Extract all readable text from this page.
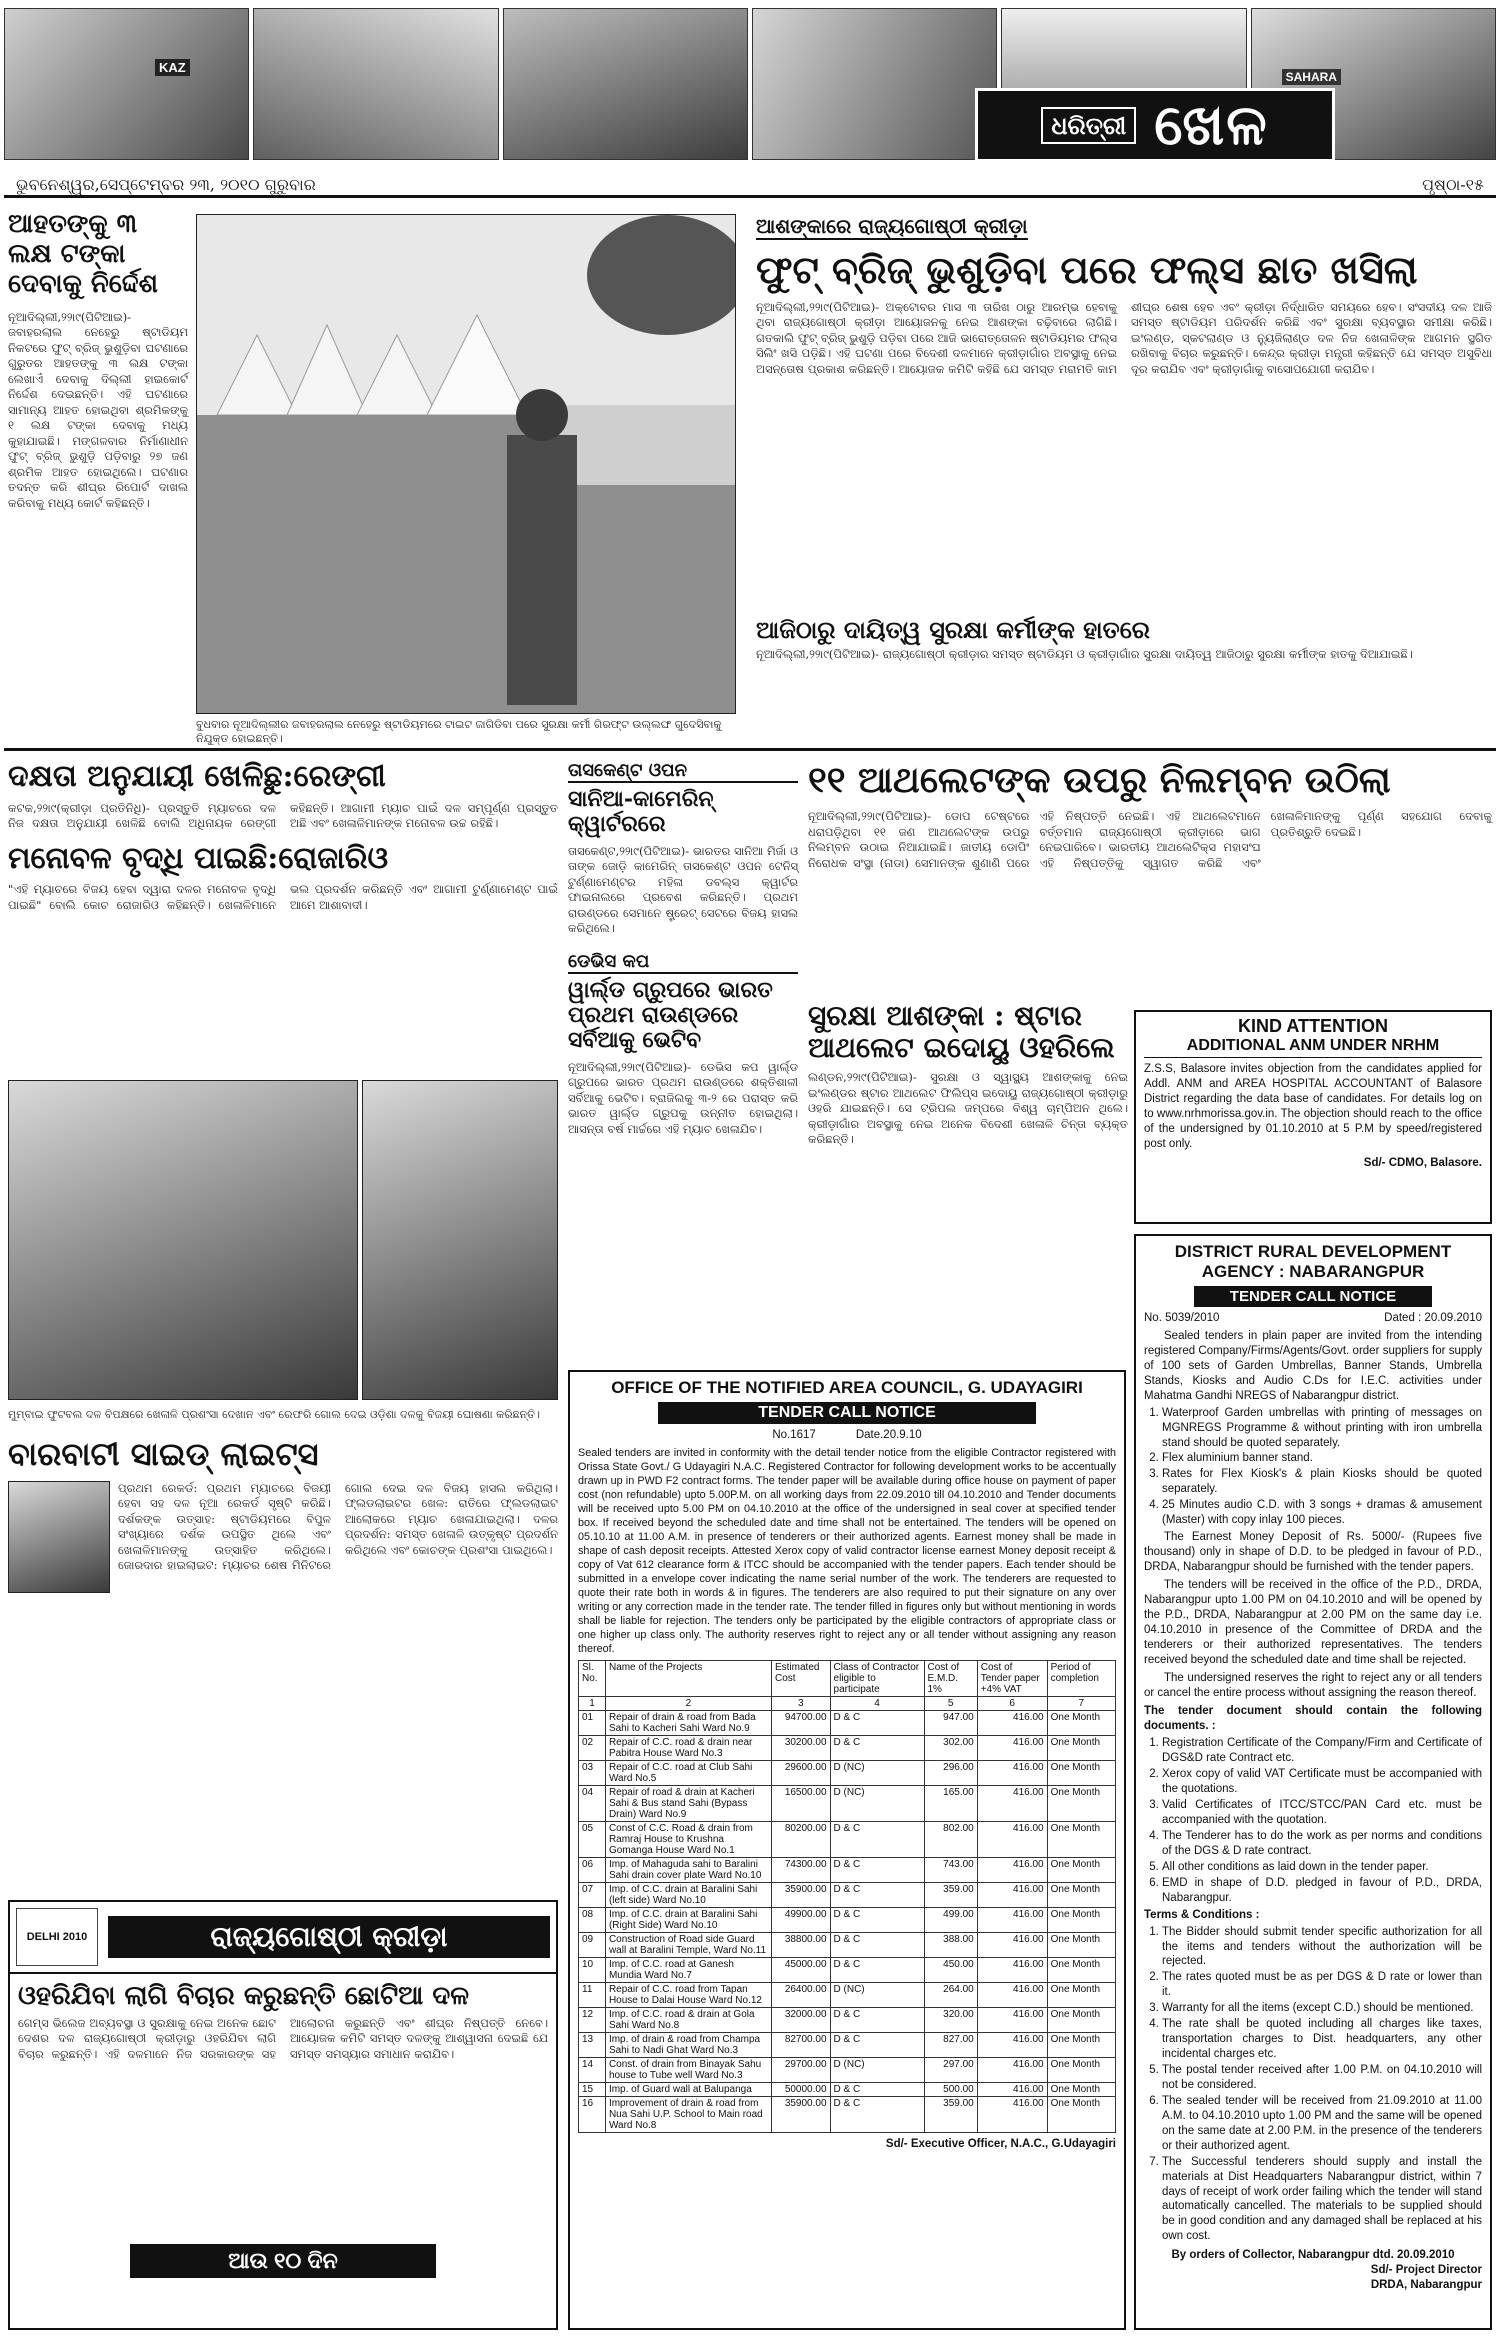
KAZ
SAHARA
ଧରିତ୍ରୀ ଖେଳ
ଭୁବନେଶ୍ୱର,ସେପ୍ଟେମ୍ବର ୨୩, ୨୦୧୦ ଗୁରୁବାର	ପୃଷ୍ଠା-୧୫
ଆହତଙ୍କୁ ୩ ଲକ୍ଷ ଟଙ୍କା ଦେବାକୁ ନିର୍ଦ୍ଦେଶ
ନୂଆଦିଲ୍ଲୀ,୨୨ା୯(ପିଟିଆଇ)- ଜବାହରଲାଲ ନେହେରୁ ଷ୍ଟାଡିୟମ ନିକଟରେ ଫୁଟ୍ ବ୍ରିଜ୍ ଭୁଶୁଡ଼ିବା ଘଟଣାରେ ଗୁରୁତର ଆହତଙ୍କୁ ୩ ଲକ୍ଷ ଟଙ୍କା ଲେଖାଏଁ ଦେବାକୁ ଦିଲ୍ଲୀ ହାଇକୋର୍ଟ ନିର୍ଦ୍ଦେଶ ଦେଇଛନ୍ତି। ଏହି ଘଟଣାରେ ସାମାନ୍ୟ ଆହତ ହୋଇଥିବା ଶ୍ରମିକଙ୍କୁ ୧ ଲକ୍ଷ ଟଙ୍କା ଦେବାକୁ ମଧ୍ୟ କୁହାଯାଇଛି। ମଙ୍ଗଳବାର ନିର୍ମାଣାଧୀନ ଫୁଟ୍ ବ୍ରିଜ୍ ଭୁଶୁଡ଼ି ପଡ଼ିବାରୁ ୨୭ ଜଣ ଶ୍ରମିକ ଆହତ ହୋଇଥିଲେ। ଘଟଣାର ତଦନ୍ତ କରି ଶୀଘ୍ର ରିପୋର୍ଟ ଦାଖଲ କରିବାକୁ ମଧ୍ୟ କୋର୍ଟ କହିଛନ୍ତି।
ବୁଧବାର ନୂଆଦିଲ୍ଲୀର ଜବାହରଲାଲ ନେହେରୁ ଷ୍ଟାଡିୟମରେ ଟାଇଟ ଜାଗିଡିବା ପରେ ସୁରକ୍ଷା କର୍ମୀ ଗିରଫ୍ଟ ଉଲ୍ଲଙ୍ଘ ଗୁଦେସିବାକୁ ନିଯୁକ୍ତ ହୋଇଛନ୍ତି।
ଆଶଙ୍କାରେ ରାଜ୍ୟଗୋଷ୍ଠୀ କ୍ରୀଡ଼ା
ଫୁଟ୍ ବ୍ରିଜ୍ ଭୁଶୁଡ଼ିବା ପରେ ଫଲ୍ସ ଛାତ ଖସିଲା
ନୂଆଦିଲ୍ଲୀ,୨୨ା୯(ପିଟିଆଇ)- ଅକ୍ଟୋବର ମାସ ୩ ତାରିଖ ଠାରୁ ଆରମ୍ଭ ହେବାକୁ ଥିବା ରାଜ୍ୟଗୋଷ୍ଠୀ କ୍ରୀଡ଼ା ଆୟୋଜନକୁ ନେଇ ଆଶଙ୍କା ବଢ଼ିବାରେ ଲାଗିଛି। ଗତକାଲି ଫୁଟ୍ ବ୍ରିଜ୍ ଭୁଶୁଡ଼ି ପଡ଼ିବା ପରେ ଆଜି ଭାରୋତ୍ତୋଳନ ଷ୍ଟାଡିୟମର ଫଲ୍ସ ସିଲିଂ ଖସି ପଡ଼ିଛି। ଏହି ଘଟଣା ପରେ ବିଦେଶୀ ଦଳମାନେ କ୍ରୀଡ଼ାଗାଁର ଅବସ୍ଥାକୁ ନେଇ ଅସନ୍ତୋଷ ପ୍ରକାଶ କରିଛନ୍ତି। ଆୟୋଜକ କମିଟି କହିଛି ଯେ ସମସ୍ତ ମରାମତି କାମ ଶୀଘ୍ର ଶେଷ ହେବ ଏବଂ କ୍ରୀଡ଼ା ନିର୍ଦ୍ଧାରିତ ସମୟରେ ହେବ। ସଂସଦୀୟ ଦଳ ଆଜି ସମସ୍ତ ଷ୍ଟାଡିୟମ ପରିଦର୍ଶନ କରିଛି ଏବଂ ସୁରକ୍ଷା ବ୍ୟବସ୍ଥାର ସମୀକ୍ଷା କରିଛି। ଇଂଲଣ୍ଡ, ସ୍କଟଲାଣ୍ଡ ଓ ନ୍ୟୁଜିଲାଣ୍ଡ ଦଳ ନିଜ ଖେଳାଳିଙ୍କ ଆଗମନ ସ୍ଥଗିତ ରଖିବାକୁ ବିଚାର କରୁଛନ୍ତି। କେନ୍ଦ୍ର କ୍ରୀଡ଼ା ମନ୍ତ୍ରୀ କହିଛନ୍ତି ଯେ ସମସ୍ତ ଅସୁବିଧା ଦୂର କରାଯିବ ଏବଂ କ୍ରୀଡ଼ାଗାଁକୁ ବାସୋପଯୋଗୀ କରାଯିବ।
ଆଜିଠାରୁ ଦାୟିତ୍ୱ ସୁରକ୍ଷା କର୍ମୀଙ୍କ ହାତରେ
ନୂଆଦିଲ୍ଲୀ,୨୨ା୯(ପିଟିଆଇ)- ରାଜ୍ୟଗୋଷ୍ଠୀ କ୍ରୀଡ଼ାର ସମସ୍ତ ଷ୍ଟାଡିୟମ ଓ କ୍ରୀଡ଼ାଗାଁର ସୁରକ୍ଷା ଦାୟିତ୍ୱ ଆଜିଠାରୁ ସୁରକ୍ଷା କର୍ମୀଙ୍କ ହାତକୁ ଦିଆଯାଇଛି।
ଦକ୍ଷତା ଅନୁଯାୟୀ ଖେଳିଛୁ:ରେଙ୍ଗୀ
କଟକ,୨୨ା୯(କ୍ରୀଡ଼ା ପ୍ରତିନିଧି)- ପ୍ରସ୍ତୁତି ମ୍ୟାଚରେ ଦଳ ନିଜ ଦକ୍ଷତା ଅନୁଯାୟୀ ଖେଳିଛି ବୋଲି ଅଧିନାୟକ ରେଙ୍ଗୀ କହିଛନ୍ତି। ଆଗାମୀ ମ୍ୟାଚ ପାଇଁ ଦଳ ସମ୍ପୂର୍ଣ୍ଣ ପ୍ରସ୍ତୁତ ଅଛି ଏବଂ ଖେଳାଳିମାନଙ୍କ ମନୋବଳ ଉଚ୍ଚ ରହିଛି।
ମନୋବଳ ବୃଦ୍ଧି ପାଇଛି:ରୋଜାରିଓ
"ଏହି ମ୍ୟାଚରେ ବିଜୟ ହେବା ଦ୍ୱାରା ଦଳର ମନୋବଳ ବୃଦ୍ଧି ପାଇଛି" ବୋଲି କୋଚ ରୋଜାରିଓ କହିଛନ୍ତି। ଖେଳାଳିମାନେ ଭଲ ପ୍ରଦର୍ଶନ କରିଛନ୍ତି ଏବଂ ଆଗାମୀ ଟୁର୍ଣ୍ଣାମେଣ୍ଟ ପାଇଁ ଆମେ ଆଶାବାଦୀ।
ମୁମ୍ବାଇ ଫୁଟବଲ ଦଳ ବିପକ୍ଷରେ ଖେଳାଳି ପ୍ରଶଂସା ଦେଖାନ ଏବଂ ରେଫରି ଗୋଲ ଦେଇ ଓଡ଼ିଶା ଦଳକୁ ବିଜୟୀ ଘୋଷଣା କରିଛନ୍ତି।
ବାରବାଟୀ ସାଇଡ୍ ଲାଇଟ୍ସ
ପ୍ରଥମ ରେକର୍ଡ: ପ୍ରଥମ ମ୍ୟାଚରେ ବିଜୟୀ ହେବା ସହ ଦଳ ନୂଆ ରେକର୍ଡ ସୃଷ୍ଟି କରିଛି। ଦର୍ଶକଙ୍କ ଉତ୍ସାହ: ଷ୍ଟାଡିୟମରେ ବିପୁଳ ସଂଖ୍ୟାରେ ଦର୍ଶକ ଉପସ୍ଥିତ ଥିଲେ ଏବଂ ଖେଳାଳିମାନଙ୍କୁ ଉତ୍ସାହିତ କରିଥିଲେ। ଜୋରଦାର ହାଇଲାଇଟ: ମ୍ୟାଚର ଶେଷ ମିନିଟରେ ଗୋଲ ଦେଇ ଦଳ ବିଜୟ ହାସଲ କରିଥିଲା। ଫ୍ଲଡଲାଇଟର ଖେଳ: ରାତିରେ ଫ୍ଲଡଲାଇଟ ଆଲୋକରେ ମ୍ୟାଚ ଖେଳାଯାଇଥିଲା। ଦଳର ପ୍ରଦର୍ଶନ: ସମସ୍ତ ଖେଳାଳି ଉତ୍କୃଷ୍ଟ ପ୍ରଦର୍ଶନ କରିଥିଲେ ଏବଂ କୋଚଙ୍କ ପ୍ରଶଂସା ପାଇଥିଲେ।
DELHI 2010	ରାଜ୍ୟଗୋଷ୍ଠୀ କ୍ରୀଡ଼ା
ଓହରିଯିବା ଲାଗି ବିଚାର କରୁଛନ୍ତି ଛୋଟିଆ ଦଳ
ଗେମ୍ସ ଭିଲେଜ ଅବ୍ୟବସ୍ଥା ଓ ସୁରକ୍ଷାକୁ ନେଇ ଅନେକ ଛୋଟ ଦେଶର ଦଳ ରାଜ୍ୟଗୋଷ୍ଠୀ କ୍ରୀଡ଼ାରୁ ଓହରିଯିବା ଲାଗି ବିଚାର କରୁଛନ୍ତି। ଏହି ଦଳମାନେ ନିଜ ସରକାରଙ୍କ ସହ ଆଲୋଚନା କରୁଛନ୍ତି ଏବଂ ଶୀଘ୍ର ନିଷ୍ପତ୍ତି ନେବେ। ଆୟୋଜକ କମିଟି ସମସ୍ତ ଦଳଙ୍କୁ ଆଶ୍ୱାସନା ଦେଇଛି ଯେ ସମସ୍ତ ସମସ୍ୟାର ସମାଧାନ କରାଯିବ।
ଆଉ ୧୦ ଦିନ
ତାସକେଣ୍ଟ ଓପନ
ସାନିଆ-କାମେରିନ୍ କ୍ୱାର୍ଟରରେ
ତାସକେଣ୍ଟ,୨୨ା୯(ପିଟିଆଇ)- ଭାରତର ସାନିଆ ମିର୍ଜା ଓ ତାଙ୍କ ଜୋଡ଼ି କାମେରିନ୍ ତାସକେଣ୍ଟ ଓପନ ଟେନିସ୍ ଟୁର୍ଣ୍ଣାମେଣ୍ଟର ମହିଳା ଡବଲ୍ସ କ୍ୱାର୍ଟର ଫାଇନାଲରେ ପ୍ରବେଶ କରିଛନ୍ତି। ପ୍ରଥମ ରାଉଣ୍ଡରେ ସେମାନେ ଷ୍ଟ୍ରେଟ୍ ସେଟରେ ବିଜୟ ହାସଲ କରିଥିଲେ।
ଡେଭିସ କପ
ୱାର୍ଲ୍ଡ ଗ୍ରୁପରେ ଭାରତ ପ୍ରଥମ ରାଉଣ୍ଡରେ ସର୍ବିଆକୁ ଭେଟିବ
ନୂଆଦିଲ୍ଲୀ,୨୨ା୯(ପିଟିଆଇ)- ଡେଭିସ କପ ୱାର୍ଲ୍ଡ ଗ୍ରୁପରେ ଭାରତ ପ୍ରଥମ ରାଉଣ୍ଡରେ ଶକ୍ତିଶାଳୀ ସର୍ବିଆକୁ ଭେଟିବ। ବ୍ରାଜିଲକୁ ୩-୨ ରେ ପରାସ୍ତ କରି ଭାରତ ୱାର୍ଲ୍ଡ ଗ୍ରୁପକୁ ଉନ୍ନୀତ ହୋଇଥିଲା। ଆସନ୍ତା ବର୍ଷ ମାର୍ଚ୍ଚରେ ଏହି ମ୍ୟାଚ ଖେଳାଯିବ।
୧୧ ଆଥଲେଟଙ୍କ ଉପରୁ ନିଲମ୍ବନ ଉଠିଲା
ନୂଆଦିଲ୍ଲୀ,୨୨ା୯(ପିଟିଆଇ)- ଡୋପ ଟେଷ୍ଟରେ ଧରାପଡ଼ିଥିବା ୧୧ ଜଣ ଆଥଲେଟଙ୍କ ଉପରୁ ନିଲମ୍ବନ ଉଠାଇ ନିଆଯାଇଛି। ଜାତୀୟ ଡୋପିଂ ନିରୋଧକ ସଂସ୍ଥା (ନାଡା) ସେମାନଙ୍କ ଶୁଣାଣି ପରେ ଏହି ନିଷ୍ପତ୍ତି ନେଇଛି। ଏହି ଆଥଲେଟମାନେ ବର୍ତ୍ତମାନ ରାଜ୍ୟଗୋଷ୍ଠୀ କ୍ରୀଡ଼ାରେ ଭାଗ ନେଇପାରିବେ। ଭାରତୀୟ ଆଥଲେଟିକ୍ସ ମହାସଂଘ ଏହି ନିଷ୍ପତ୍ତିକୁ ସ୍ୱାଗତ କରିଛି ଏବଂ ଖେଳାଳିମାନଙ୍କୁ ପୂର୍ଣ୍ଣ ସହଯୋଗ ଦେବାକୁ ପ୍ରତିଶ୍ରୁତି ଦେଇଛି।
ସୁରକ୍ଷା ଆଶଙ୍କା : ଷ୍ଟାର ଆଥଲେଟ ଇଦୋୟୁ ଓହରିଲେ
ଲଣ୍ଡନ,୨୨ା୯(ପିଟିଆଇ)- ସୁରକ୍ଷା ଓ ସ୍ୱାସ୍ଥ୍ୟ ଆଶଙ୍କାକୁ ନେଇ ଇଂଲଣ୍ଡର ଷ୍ଟାର ଆଥଲେଟ ଫିଲିପ୍ସ ଇଦୋୟୁ ରାଜ୍ୟଗୋଷ୍ଠୀ କ୍ରୀଡ଼ାରୁ ଓହରି ଯାଇଛନ୍ତି। ସେ ଟ୍ରିପଲ ଜମ୍ପରେ ବିଶ୍ୱ ଚାମ୍ପିଅନ ଥିଲେ। କ୍ରୀଡ଼ାଗାଁର ଅବସ୍ଥାକୁ ନେଇ ଅନେକ ବିଦେଶୀ ଖେଳାଳି ଚିନ୍ତା ବ୍ୟକ୍ତ କରିଛନ୍ତି।
KIND ATTENTION
ADDITIONAL ANM UNDER NRHM
Z.S.S, Balasore invites objection from the candidates applied for Addl. ANM and AREA HOSPITAL ACCOUNTANT of Balasore District regarding the data base of candidates. For details log on to www.nrhmorissa.gov.in. The objection should reach to the office of the undersigned by 01.10.2010 at 5 P.M by speed/registered post only.
Sd/- CDMO, Balasore.
DISTRICT RURAL DEVELOPMENT AGENCY : NABARANGPUR
TENDER CALL NOTICE
No. 5039/2010	Dated : 20.09.2010
Sealed tenders in plain paper are invited from the intending registered Company/Firms/Agents/Govt. order suppliers for supply of 100 sets of Garden Umbrellas, Banner Stands, Umbrella Stands, Kiosks and Audio C.Ds for I.E.C. activities under Mahatma Gandhi NREGS of Nabarangpur district.
1. Waterproof Garden umbrellas with printing of messages on MGNREGS Programme & without printing with iron umbrella stand should be quoted separately.
2. Flex aluminium banner stand.
3. Rates for Flex Kiosk's & plain Kiosks should be quoted separately.
4. 25 Minutes audio C.D. with 3 songs + dramas & amusement (Master) with copy inlay 100 pieces.
The Earnest Money Deposit of Rs. 5000/- (Rupees five thousand) only in shape of D.D. to be pledged in favour of P.D., DRDA, Nabarangpur should be furnished with the tender papers.
The tenders will be received in the office of the P.D., DRDA, Nabarangpur upto 1.00 PM on 04.10.2010 and will be opened by the P.D., DRDA, Nabarangpur at 2.00 PM on the same day i.e. 04.10.2010 in presence of the Committee of DRDA and the tenderers or their authorized representatives. The tenders received beyond the scheduled date and time shall be rejected.
The undersigned reserves the right to reject any or all tenders or cancel the entire process without assigning the reason thereof.
The tender document should contain the following documents. :
1. Registration Certificate of the Company/Firm and Certificate of DGS&D rate Contract etc.
2. Xerox copy of valid VAT Certificate must be accompanied with the quotations.
3. Valid Certificates of ITCC/STCC/PAN Card etc. must be accompanied with the quotation.
4. The Tenderer has to do the work as per norms and conditions of the DGS & D rate contract.
5. All other conditions as laid down in the tender paper.
6. EMD in shape of D.D. pledged in favour of P.D., DRDA, Nabarangpur.
Terms & Conditions :
1. The Bidder should submit tender specific authorization for all the items and tenders without the authorization will be rejected.
2. The rates quoted must be as per DGS & D rate or lower than it.
3. Warranty for all the items (except C.D.) should be mentioned.
4. The rate shall be quoted including all charges like taxes, transportation charges to Dist. headquarters, any other incidental charges etc.
5. The postal tender received after 1.00 P.M. on 04.10.2010 will not be considered.
6. The sealed tender will be received from 21.09.2010 at 11.00 A.M. to 04.10.2010 upto 1.00 PM and the same will be opened on the same date at 2.00 P.M. in the presence of the tenderers or their authorized agent.
7. The Successful tenderers should supply and install the materials at Dist Headquarters Nabarangpur district, within 7 days of receipt of work order failing which the tender will stand automatically cancelled. The materials to be supplied should be in good condition and any damaged shall be replaced at his own cost.
By orders of Collector, Nabarangpur dtd. 20.09.2010
Sd/- Project Director
DRDA, Nabarangpur
OFFICE OF THE NOTIFIED AREA COUNCIL, G. UDAYAGIRI
TENDER CALL NOTICE
No.1617	Date.20.9.10
Sealed tenders are invited in conformity with the detail tender notice from the eligible Contractor registered with Orissa State Govt./ G Udayagiri N.A.C. Registered Contractor for following development works to be accentually drawn up in PWD F2 contract forms. The tender paper will be available during office house on payment of paper cost (non refundable) upto 5.00P.M. on all working days from 22.09.2010 till 04.10.2010 and Tender documents will be received upto 5.00 PM on 04.10.2010 at the office of the undersigned in seal cover at specified tender box. If received beyond the scheduled date and time shall not be entertained. The tenders will be opened on 05.10.10 at 11.00 A.M. in presence of tenderers or their authorized agents. Earnest money shall be made in shape of cash deposit receipts. Attested Xerox copy of valid contractor license earnest Money deposit receipt & copy of Vat 612 clearance form & ITCC should be accompanied with the tender papers. Each tender should be submitted in a envelope cover indicating the name serial number of the work. The tenderers are requested to quote their rate both in words & in figures. The tenderers are also required to put their signature on any over writing or any correction made in the tender rate. The tender filled in figures only but without mentioning in words shall be liable for rejection. The tenders only be participated by the eligible contractors of appropriate class or one higher up class only. The authority reserves right to reject any or all tender without assigning any reason thereof.
Sl. No.	Name of the Projects	Estimated Cost	Class of Contractor eligible to participate	Cost of E.M.D. 1%	Cost of Tender paper +4% VAT	Period of completion
1	2	3	4	5	6	7
01	Repair of drain & road from Bada Sahi to Kacheri Sahi Ward No.9	94700.00	D & C	947.00	416.00	One Month
02	Repair of C.C. road & drain near Pabitra House Ward No.3	30200.00	D & C	302.00	416.00	One Month
03	Repair of C.C. road at Club Sahi Ward No.5	29600.00	D (NC)	296.00	416.00	One Month
04	Repair of road & drain at Kacheri Sahi & Bus stand Sahi (Bypass Drain) Ward No.9	16500.00	D (NC)	165.00	416.00	One Month
05	Const of C.C. Road & drain from Ramraj House to Krushna Gomanga House Ward No.1	80200.00	D & C	802.00	416.00	One Month
06	Imp. of Mahaguda sahi to Baralini Sahi drain cover plate Ward No.10	74300.00	D & C	743.00	416.00	One Month
07	Imp. of C.C. drain at Baralini Sahi (left side) Ward No.10	35900.00	D & C	359.00	416.00	One Month
08	Imp. of C.C. drain at Baralini Sahi (Right Side) Ward No.10	49900.00	D & C	499.00	416.00	One Month
09	Construction of Road side Guard wall at Baralini Temple, Ward No.11	38800.00	D & C	388.00	416.00	One Month
10	Imp. of C.C. road at Ganesh Mundia Ward No.7	45000.00	D & C	450.00	416.00	One Month
11	Repair of C.C. road from Tapan House to Dalai House Ward No.12	26400.00	D (NC)	264.00	416.00	One Month
12	Imp. of C.C. road & drain at Gola Sahi Ward No.8	32000.00	D & C	320.00	416.00	One Month
13	Imp. of drain & road from Champa Sahi to Nadi Ghat Ward No.3	82700.00	D & C	827.00	416.00	One Month
14	Const. of drain from Binayak Sahu house to Tube well Ward No.3	29700.00	D (NC)	297.00	416.00	One Month
15	Imp. of Guard wall at Balupanga	50000.00	D & C	500.00	416.00	One Month
16	Improvement of drain & road from Nua Sahi U.P. School to Main road Ward No.8	35900.00	D & C	359.00	416.00	One Month
Sd/- Executive Officer, N.A.C., G.Udayagiri
